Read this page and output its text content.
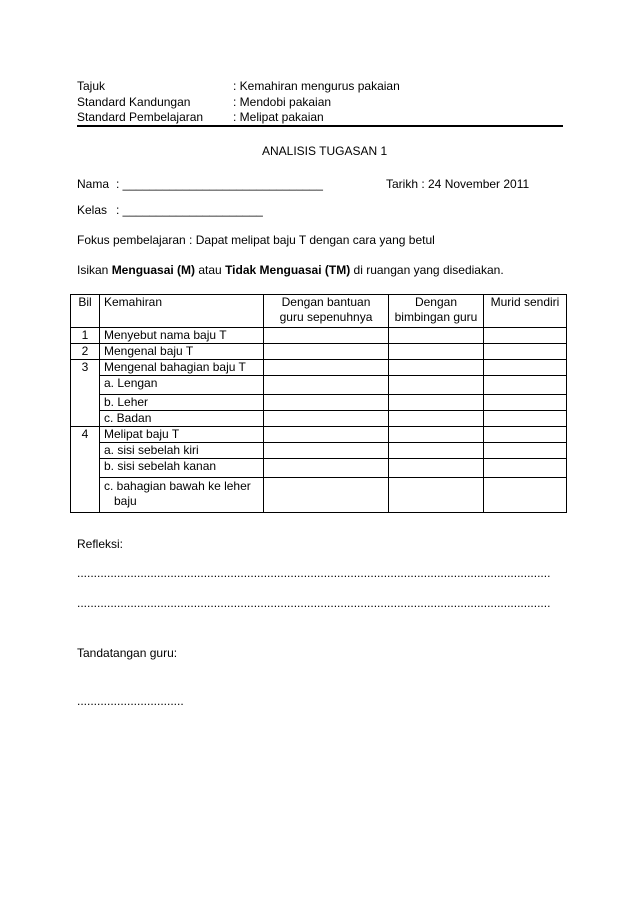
Tajuk	: Kemahiran mengurus pakaian
Standard Kandungan	: Mendobi pakaian
Standard Pembelajaran : Melipat pakaian
ANALISIS TUGASAN 1
Nama : ______________________________	Tarikh : 24 November 2011
Kelas : _____________________
Fokus pembelajaran : Dapat melipat baju T dengan cara yang betul
Isikan Menguasai (M) atau Tidak Menguasai (TM) di ruangan yang disediakan.
Bil	Kemahiran	Dengan bantuan guru sepenuhnya	Dengan bimbingan guru	Murid sendiri
1	Menyebut nama baju T			
2	Mengenal baju T			
3	Mengenal bahagian baju T			
	a. Lengan			
	b. Leher			
	c. Badan			
4	Melipat baju T			
	a. sisi sebelah kiri			
	b. sisi sebelah kanan			

	c. bahagian bawah ke leher baju			

Refleksi:
..............................................................................................................................................
..............................................................................................................................................
Tandatangan guru:
................................
